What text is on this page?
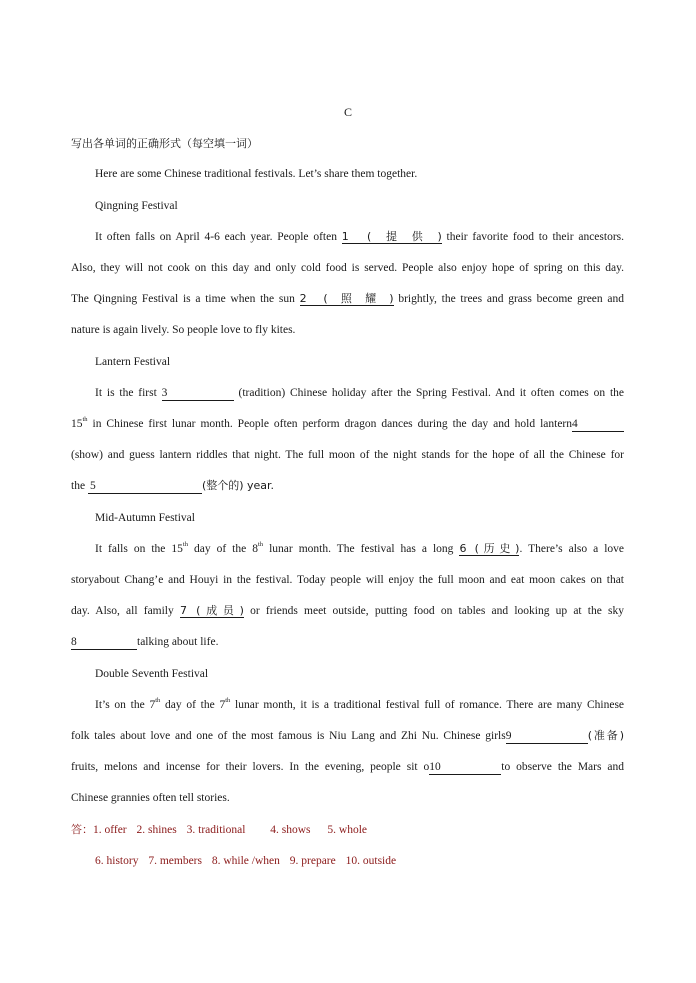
C
写出各单词的正确形式（每空填一词）
Here are some Chinese traditional festivals. Let’s share them together.
Qingning Festival
It often falls on April 4-6 each year. People often 1 (提供) their favorite food to their ancestors.
Also, they will not cook on this day and only cold food is served. People also enjoy hope of spring on this day.
The Qingning Festival is a time when the sun 2 (照耀) brightly, the trees and grass become green and
nature is again lively. So people love to fly kites.
Lantern Festival
It is the first 3	(tradition) Chinese holiday after the Spring Festival. And it often comes on the
15th in Chinese first lunar month. People often perform dragon dances during the day and hold lantern4
(show) and guess lantern riddles that night. The full moon of the night stands for the hope of all the Chinese for
the 5	(整个的) year.
Mid-Autumn Festival
It falls on the 15th day of the 8th lunar month. The festival has a long 6 (历史). There’s also a love
storyabout Chang’e and Houyi in the festival. Today people will enjoy the full moon and eat moon cakes on that
day. Also, all family 7 (成员) or friends meet outside, putting food on tables and looking up at the sky
8	talking about life.
Double Seventh Festival
It’s on the 7th day of the 7th lunar month, it is a traditional festival full of romance. There are many Chinese
folk tales about love and one of the most famous is Niu Lang and Zhi Nu. Chinese girls9	(准备)
fruits, melons and incense for their lovers. In the evening, people sit o10	to observe the Mars and
Chinese grannies often tell stories.
答：1. offer 2. shines 3. traditional 4. shows 5. whole
6. history 7. members 8. while /when 9. prepare 10. outside
